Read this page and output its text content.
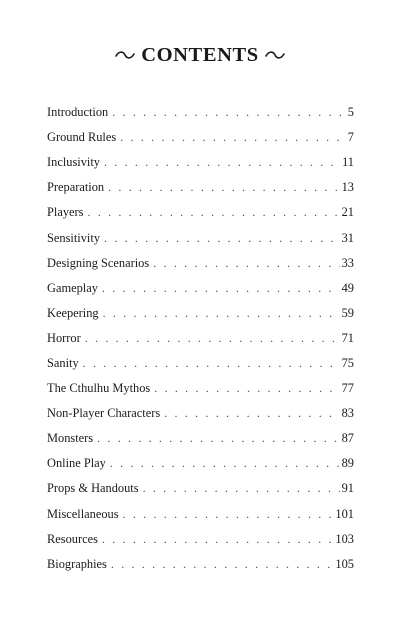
CONTENTS
Introduction . . .	5
Ground Rules . . .	7
Inclusivity . . .	11
Preparation . . .	13
Players . . .	21
Sensitivity . . .	31
Designing Scenarios . . .	33
Gameplay . . .	49
Keepering . . .	59
Horror . . .	71
Sanity . . .	75
The Cthulhu Mythos . . .	77
Non-Player Characters . . .	83
Monsters . . .	87
Online Play . . .	89
Props & Handouts . . .	91
Miscellaneous . . .	101
Resources . . .	103
Biographies . . .	105
